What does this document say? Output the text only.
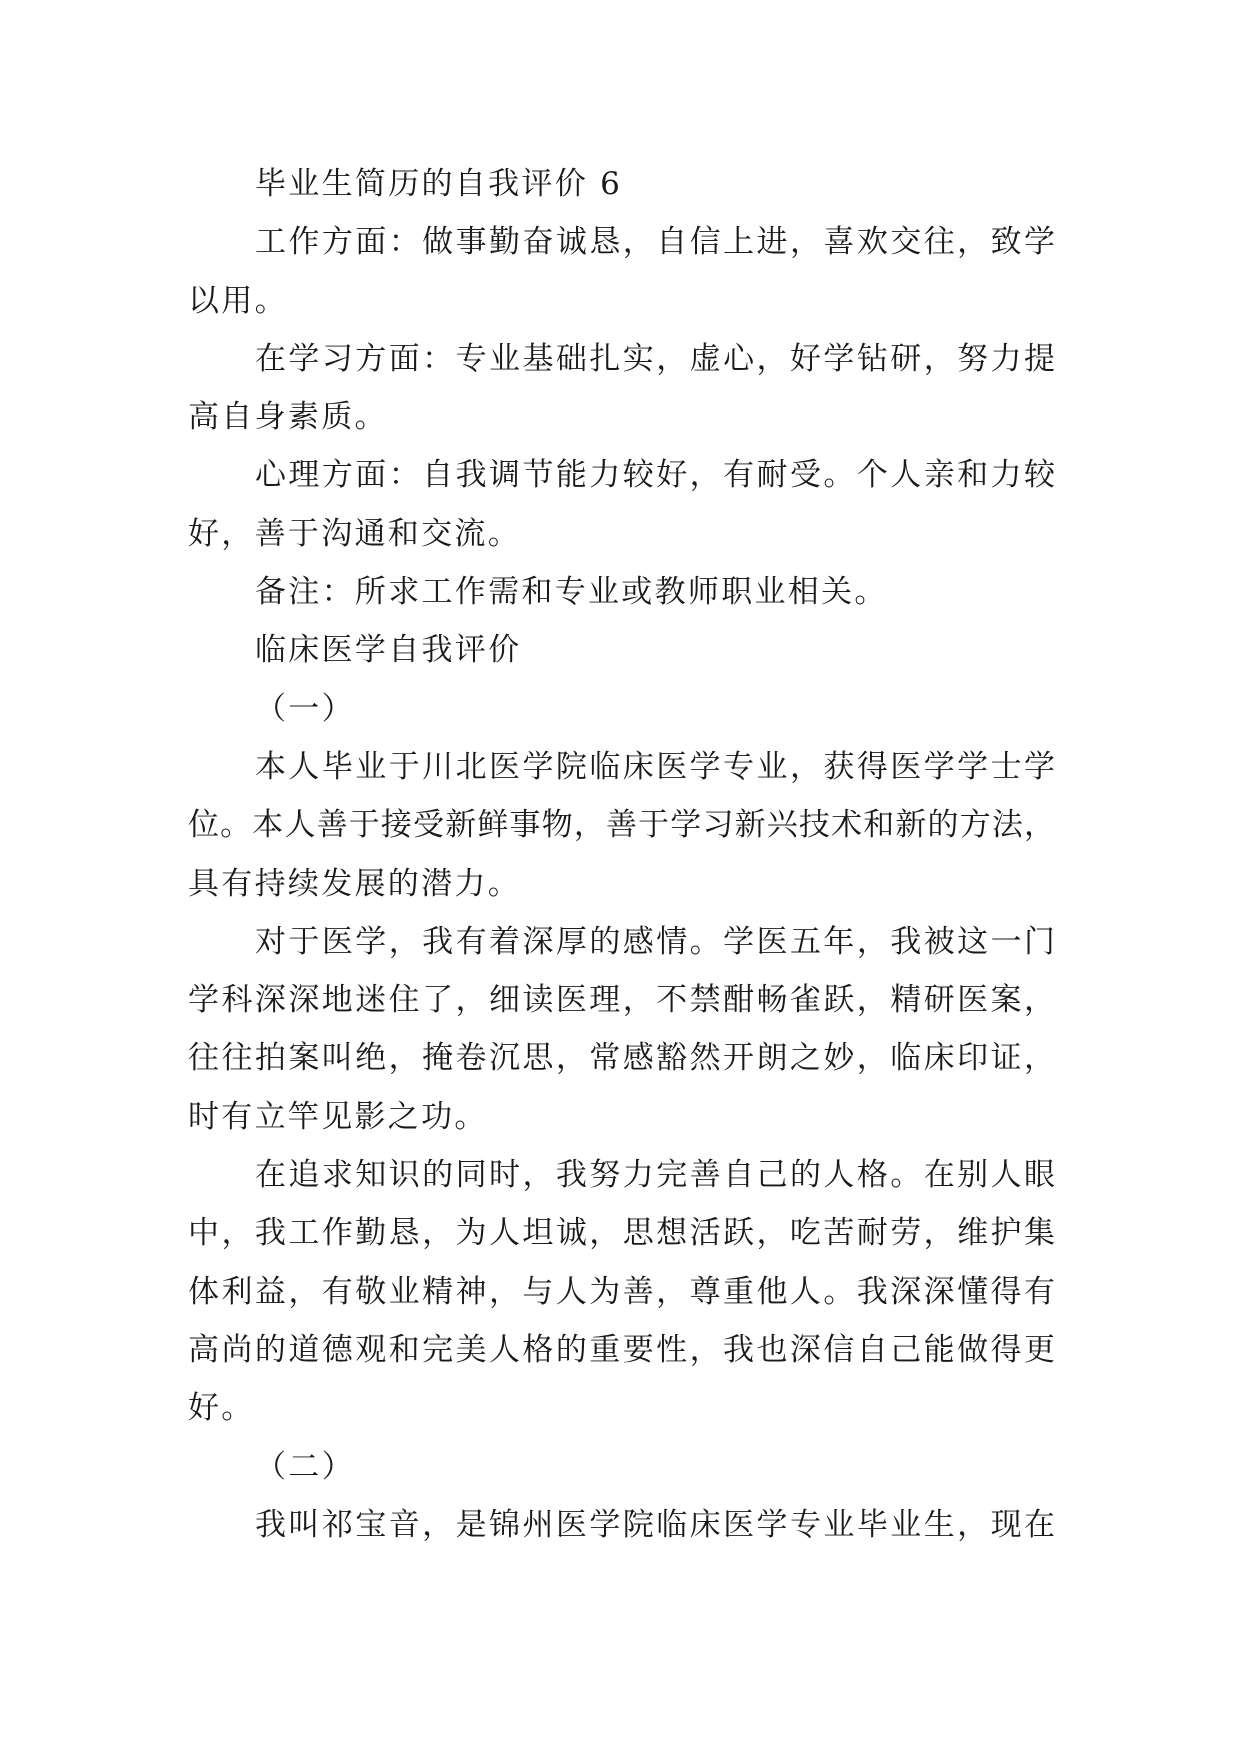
毕业生简历的自我评价 6
工作方面：做事勤奋诚恳，自信上进，喜欢交往，致学
以用。
在学习方面：专业基础扎实，虚心，好学钻研，努力提
高自身素质。
心理方面：自我调节能力较好，有耐受。个人亲和力较
好，善于沟通和交流。
备注：所求工作需和专业或教师职业相关。
临床医学自我评价
（一）
本人毕业于川北医学院临床医学专业，获得医学学士学
位。本人善于接受新鲜事物，善于学习新兴技术和新的方法，
具有持续发展的潜力。
对于医学，我有着深厚的感情。学医五年，我被这一门
学科深深地迷住了，细读医理，不禁酣畅雀跃，精研医案，
往往拍案叫绝，掩卷沉思，常感豁然开朗之妙，临床印证，
时有立竿见影之功。
在追求知识的同时，我努力完善自己的人格。在别人眼
中，我工作勤恳，为人坦诚，思想活跃，吃苦耐劳，维护集
体利益，有敬业精神，与人为善，尊重他人。我深深懂得有
高尚的道德观和完美人格的重要性，我也深信自己能做得更
好。
（二）
我叫祁宝音，是锦州医学院临床医学专业毕业生，现在
